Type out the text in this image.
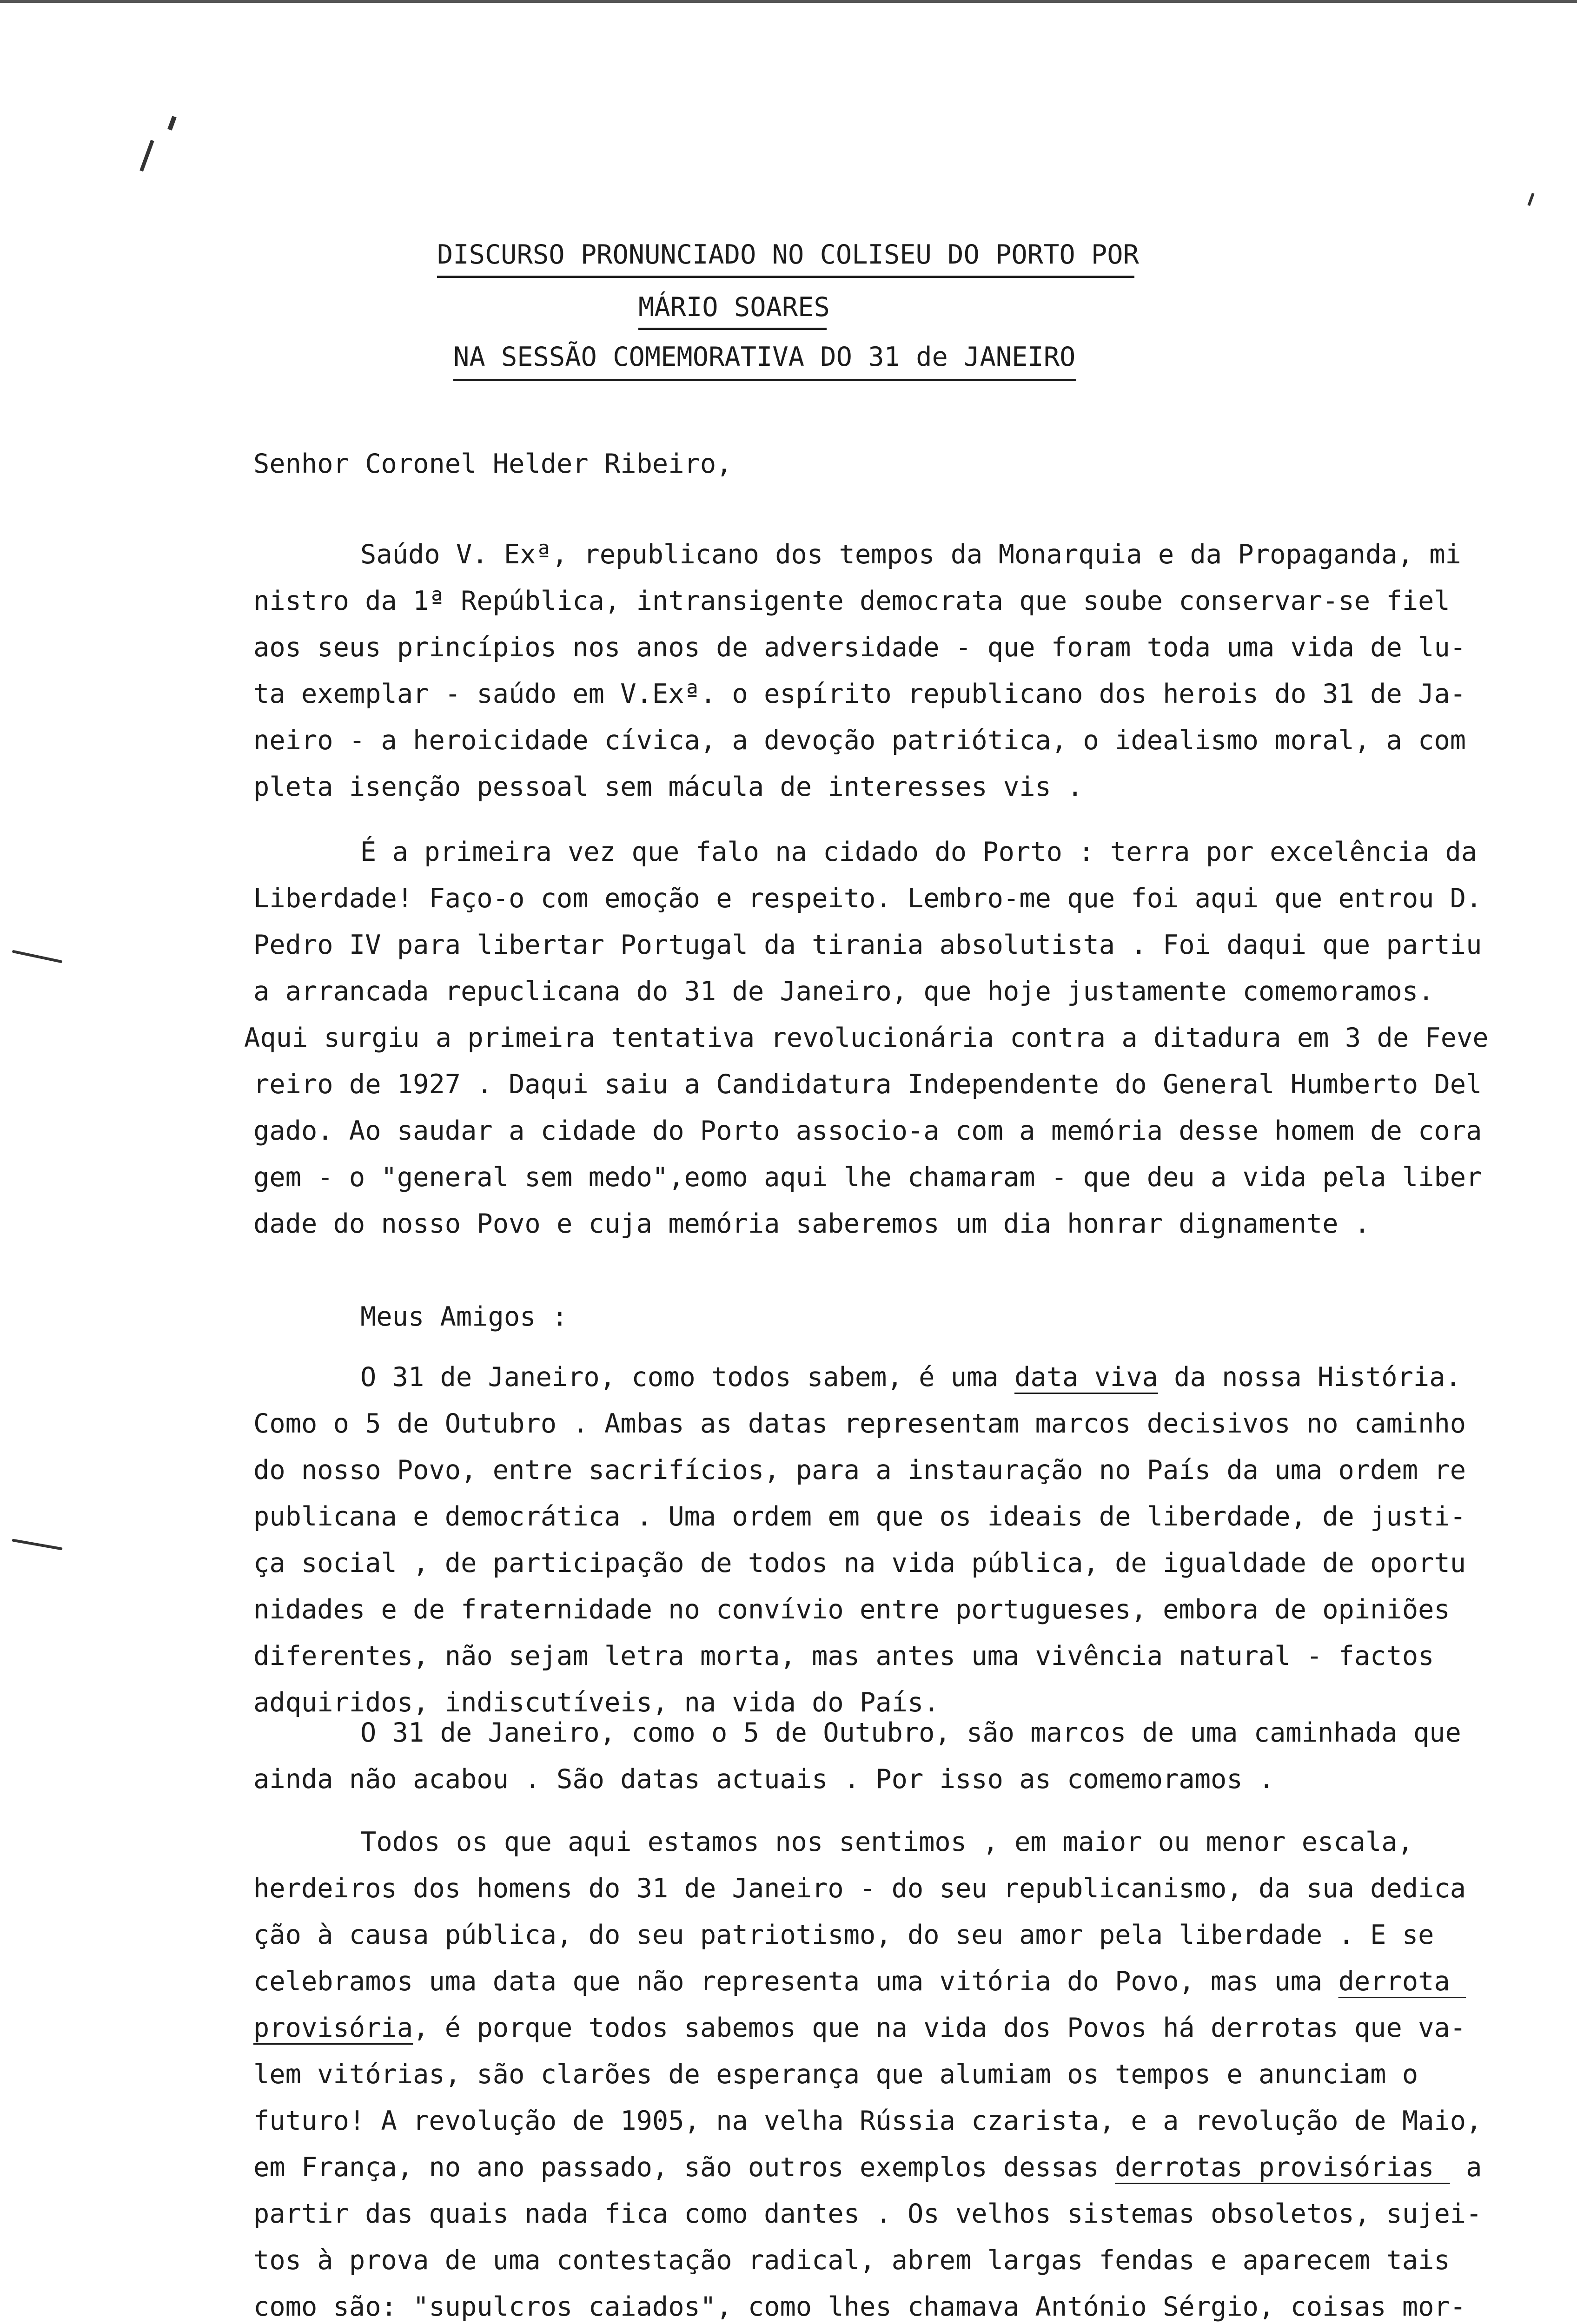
DISCURSO PRONUNCIADO NO COLISEU DO PORTO POR
MÁRIO SOARES
NA SESSÃO COMEMORATIVA DO 31 de JANEIRO
Senhor Coronel Helder Ribeiro,
Saúdo V. Exª, republicano dos tempos da Monarquia e da Propaganda, mi
nistro da 1ª República, intransigente democrata que soube conservar-se fiel
aos seus princípios nos anos de adversidade - que foram toda uma vida de lu-
ta exemplar - saúdo em V.Exª. o espírito republicano dos herois do 31 de Ja-
neiro - a heroicidade cívica, a devoção patriótica, o idealismo moral, a com
pleta isenção pessoal sem mácula de interesses vis .
É a primeira vez que falo na cidado do Porto : terra por excelência da
Liberdade! Faço-o com emoção e respeito. Lembro-me que foi aqui que entrou D.
Pedro IV para libertar Portugal da tirania absolutista . Foi daqui que partiu
a arrancada repuclicana do 31 de Janeiro, que hoje justamente comemoramos.
Aqui surgiu a primeira tentativa revolucionária contra a ditadura em 3 de Feve
reiro de 1927 . Daqui saiu a Candidatura Independente do General Humberto Del
gado. Ao saudar a cidade do Porto associo-a com a memória desse homem de cora
gem - o "general sem medo",eomo aqui lhe chamaram - que deu a vida pela liber
dade do nosso Povo e cuja memória saberemos um dia honrar dignamente .
Meus Amigos :
O 31 de Janeiro, como todos sabem, é uma data viva da nossa História.
Como o 5 de Outubro . Ambas as datas representam marcos decisivos no caminho
do nosso Povo, entre sacrifícios, para a instauração no País da uma ordem re
publicana e democrática . Uma ordem em que os ideais de liberdade, de justi-
ça social , de participação de todos na vida pública, de igualdade de oportu
nidades e de fraternidade no convívio entre portugueses, embora de opiniões
diferentes, não sejam letra morta, mas antes uma vivência natural - factos
adquiridos, indiscutíveis, na vida do País.
O 31 de Janeiro, como o 5 de Outubro, são marcos de uma caminhada que
ainda não acabou . São datas actuais . Por isso as comemoramos .
Todos os que aqui estamos nos sentimos , em maior ou menor escala,
herdeiros dos homens do 31 de Janeiro - do seu republicanismo, da sua dedica
ção à causa pública, do seu patriotismo, do seu amor pela liberdade . E se
celebramos uma data que não representa uma vitória do Povo, mas uma derrota
provisória, é porque todos sabemos que na vida dos Povos há derrotas que va-
lem vitórias, são clarões de esperança que alumiam os tempos e anunciam o
futuro! A revolução de 1905, na velha Rússia czarista, e a revolução de Maio,
em França, no ano passado, são outros exemplos dessas derrotas provisórias  a
partir das quais nada fica como dantes . Os velhos sistemas obsoletos, sujei-
tos à prova de uma contestação radical, abrem largas fendas e aparecem tais
como são: "supulcros caiados", como lhes chamava António Sérgio, coisas mor-
